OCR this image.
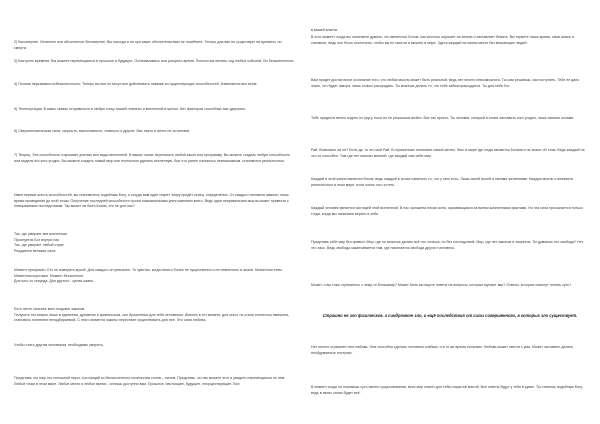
2) Бессмертие. Истинное или абсолютное бессмертие. Вы никогда и ни при каких обстоятельствах не погибнете. Теперь для вас не существует ни времени, ни смерти.

3) Контроль времени. Вы можете перемещаться в прошлое и будущее. Останавливать или ускорять время. Полностью менять ход любых событий. Во бесконечности.

4) Полная неуязвимость/бесконечность: Теперь вы все не могут все действовать никакие из существующих способностей. Изменяется все всем.

5) Телепортация: В каких связях отправиться в любую точку нашей планеты и вселенной в целом. Нет факторов способных вас удержать.

6) Сверхчеловеческая сила, скорость, выносливость, ловкость и другие. Вас никто и ничто не остановит.

7) Творец. Эта способность открывает для вас все виды вселенной. В ваших силах переписать любой закон или программу. Вы можете создать любую способность или модель его кого угодно. Вы можете создать новый мир или полностью удалить вселенную. Все что ранее считалось невозможным, становится реальностью.

Имея первые шесть способностей, вы становитесь подобным Богу, и откуда вам один секрет. Миру придёт конец, определённо. От каждого человека зависит лишь время проведения до этой точки. Получение последней способности грозит максимальным уничтожением всего. Ведь одна неправильная мысль может привести к невыразимым последствиям. Так может ли быть Богом, это не для нас?

Так, где умирает вся вселенная
Проснуется Бог внутри нас
Так, где умирает любой страх
Рождается великая сила.

Момент прекрасен. Его не измерить мукой. Для каждого он уникален. То чувство, когда ничего более не существенно и не невнятного в жизни. Моментом этим. Моментом коротким. Момент бесконечен.
Для кого-то секунда. Для другого - целая жизнь.

Есть нечто сильнее всех людских законов.
Получить это можно лишь в единении, духовном и физическом, сил брошенных для тебя человеком. Именно в тот момент, для чьего ты стала спятилось вмешена, становясь понятием неподбираемой. С этого момента законы перестают существовать для нее. Это сила любовь.

Чтобы стать другим человеком, необходимо умереть.

Представь что мир это сплошной пирог, состоящий из бесчисленного количества слоев – ничем. Представь, что вы можете этот и увидеть перемещаться по нем. Любой точки в этом мире. Любое место и любое время - сплошь доступно вам. Прошлое, настоящее, будущее, несуществующее. Все

в вашей власти.

В этот момент, когда вы начинаете думать, что являетесь Богом, как жестоко опускает на землю и заставляет бежать. Вы теряете лишь время, свою жизнь и сознание, ведь оно было отключено, чтобы вы не смогли и выжить в мире. Здесь каждый на своем месте без мешающих людей.

Вам придет достаточное осознание того, что любая мысль может быть реальной, ведь нет ничего невозможного. Ты сам решаешь, как поступить. Тебе не дано знать, что будет завтра, лишь только рассуждать. Ты можешь делать то, что тебе заблагорассудится. Ты для себя бог.

Тебе придется вечно ходить по кругу, пока ты не решишься выйти. Все так просто. Ты человек, который в силах заставить кого угодно, лишь своими силами.

Рай. Возможно ли он? Если да, то это мой Рай. В отраженных иллюзиях самой мечты. Жил в мире где люди являются Богами и не знают об этом. Ведь каждый на что-то способен. Там где нет лишних мнений, где каждый сам себе мир.

Каждый в этой жизни является богом, ведь каждый в силах изменить то, что у него есть. Лишь своей волей и своими желаниями. Каждая мысль становится реальностью в этом мире, если очень того хотеть.

Каждый человек является частицей этой вселенной. В нас заложена некая сила, скрывающаяся за всеми жизненными фактами. Но эта сила просыпается только тогда, когда мы начинаем верить в себя.

Представь себе мир без правил. Мир, где ты можешь делать всё что хочешь, но без последствий. Мир, где нет законов и запретов. Ты думаешь это свобода? Нет, это хаос. Ведь свобода заканчивается там, где начинается свобода другого человека.

Может, и вы тоже стремитесь к чему-то большему? Может быть вы ищете ответы на вопросы, которые мучают вас? Ответы, которые помогут понять суть?

Страшно не зло физическое, а синдромное зло, и ещё последствия от силы совершенного, в которых зло существует.

Нет ничего страшнее чем любовь. Она способна сделать человека слабым, и в то же время сильным. Любовь может свести с ума. Может заставить делать необдуманные поступки.

В момент когда ты познаешь суть своего существования, весь мир станет для тебя открытой книгой. Все ответы будут у тебя в руках. Ты станешь подобным Богу, ведь в твоих силах будет всё.
